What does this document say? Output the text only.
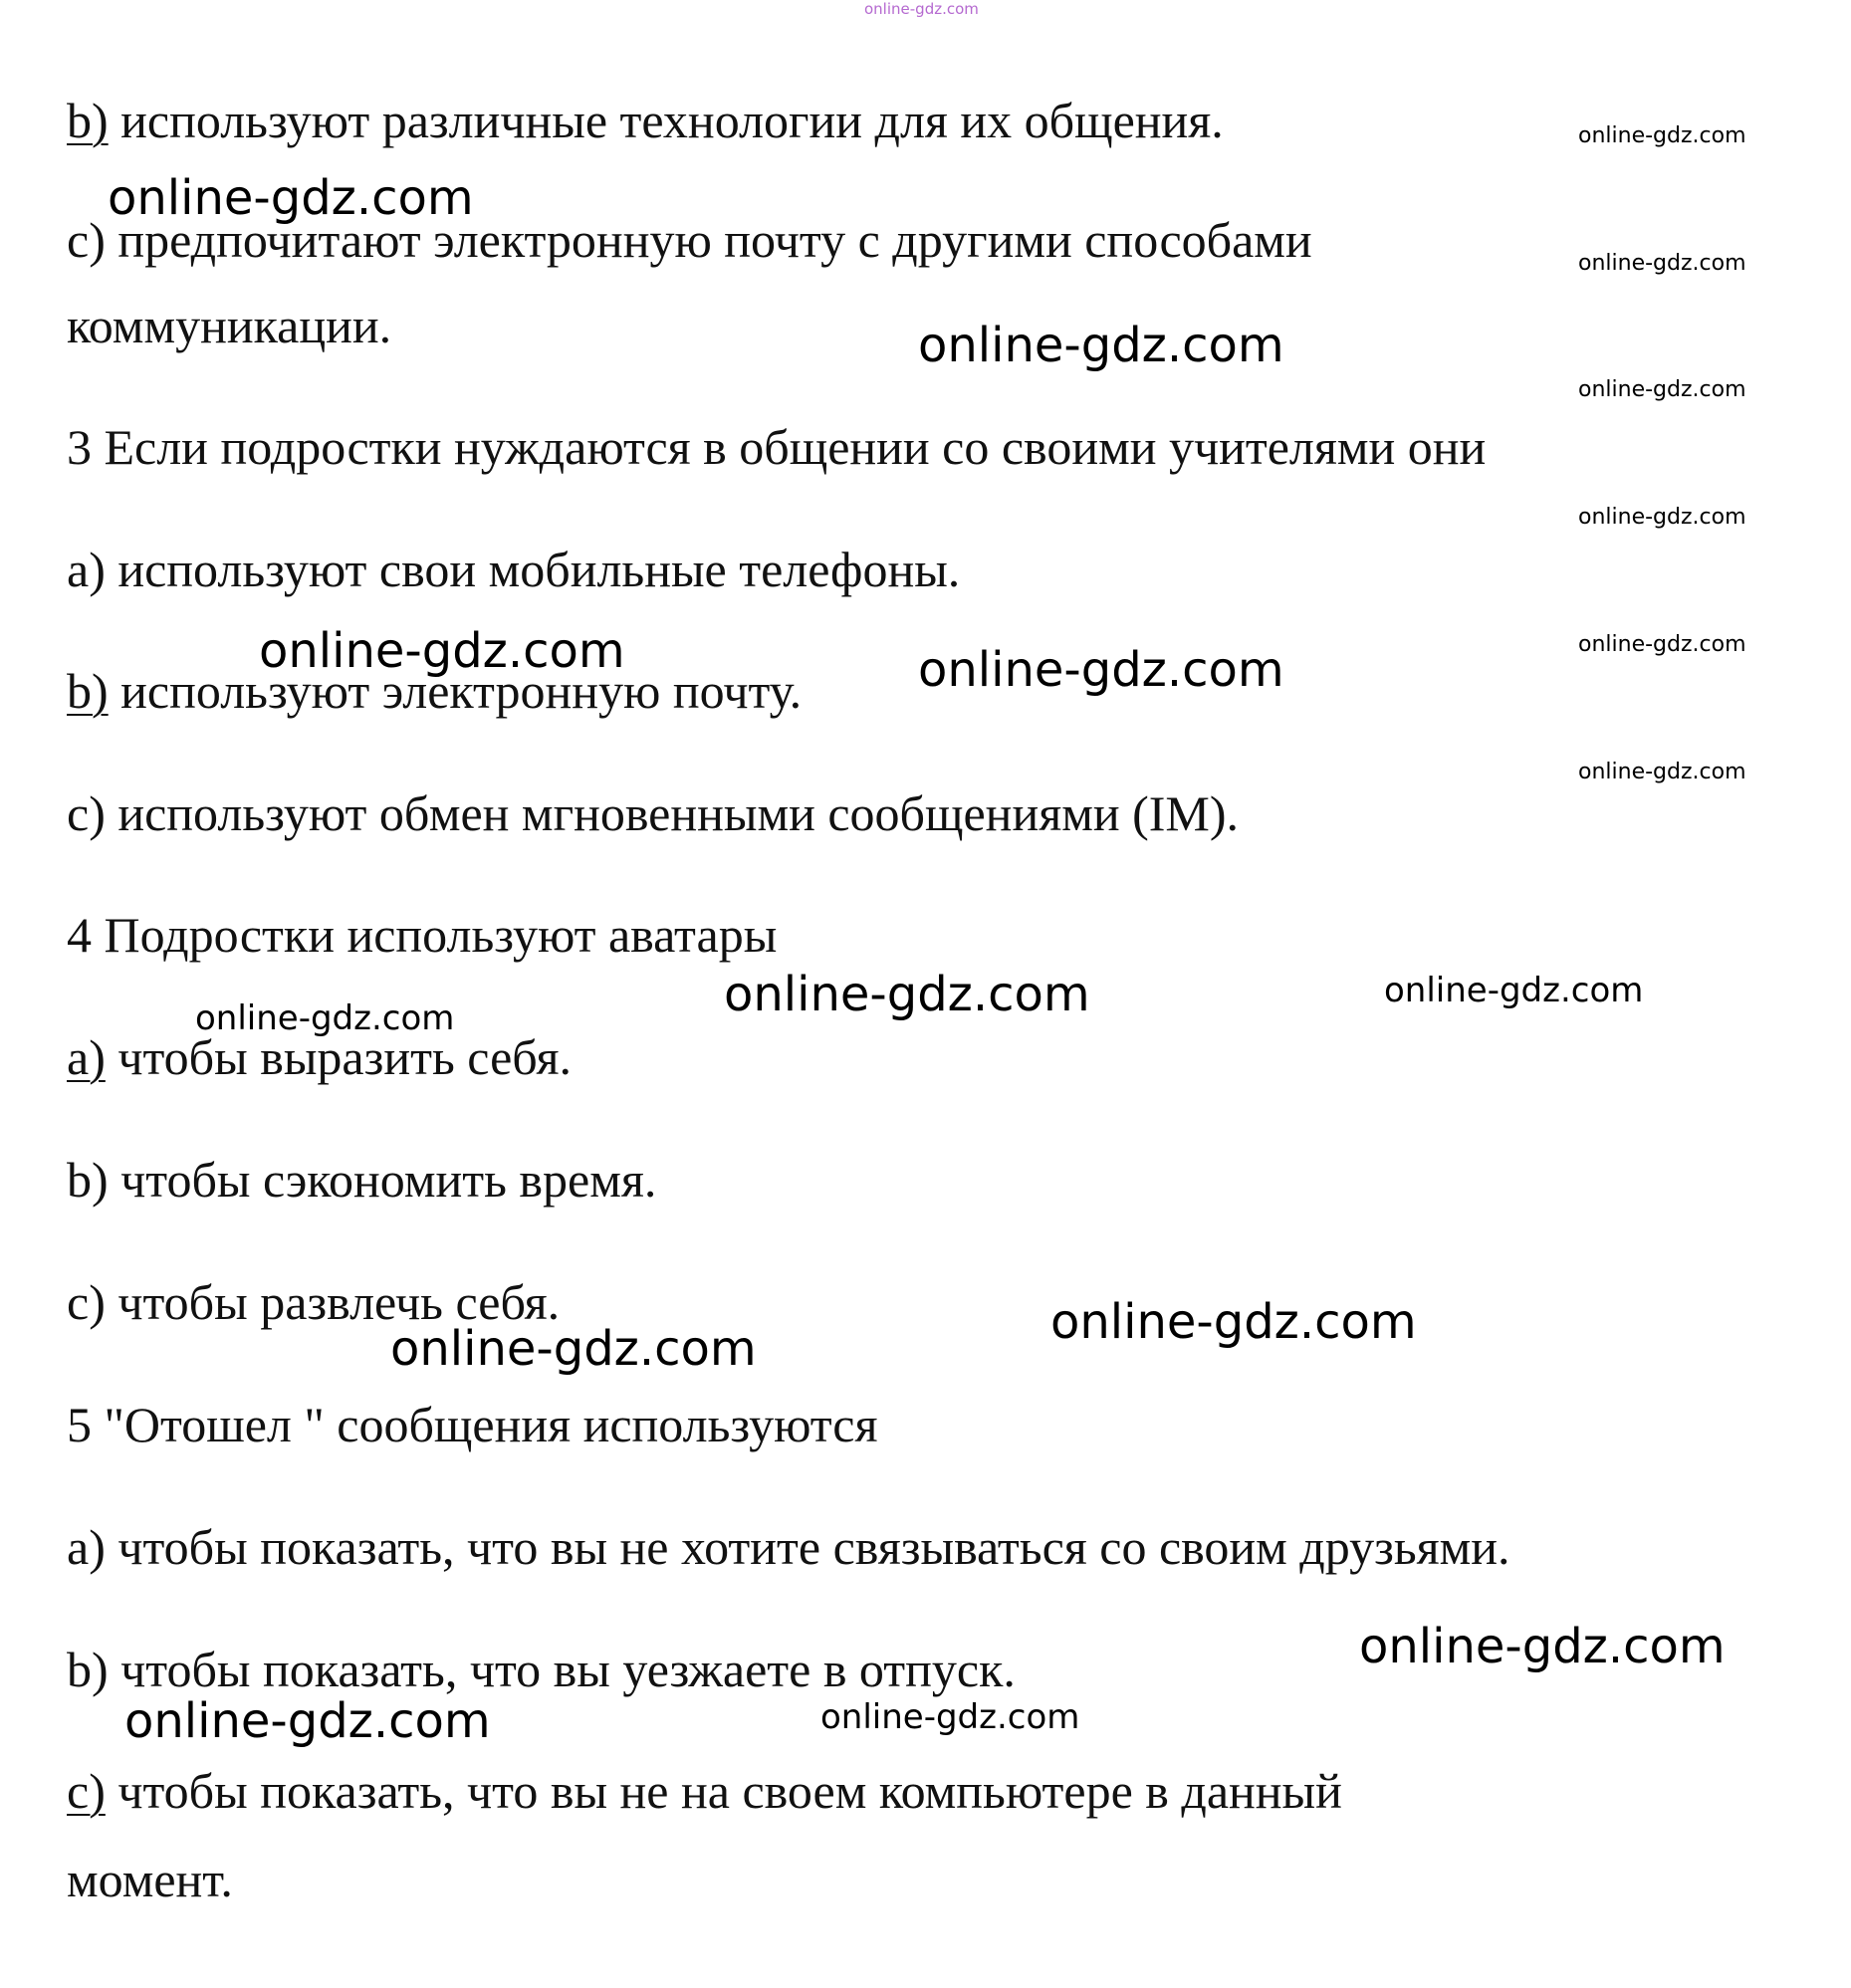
b) используют различные технологии для их общения.

c) предпочитают электронную почту с другими способами

коммуникации.

3 Если подростки нуждаются в общении со своими учителями они

a) используют свои мобильные телефоны.

b) используют электронную почту.

c) используют обмен мгновенными сообщениями (IM).

4 Подростки используют аватары

a) чтобы выразить себя.

b) чтобы сэкономить время.

c) чтобы развлечь себя.

5 "Отошел " сообщения используются

a) чтобы показать, что вы не хотите связываться со своим друзьями.

b) чтобы показать, что вы уезжаете в отпуск.

c) чтобы показать, что вы не на своем компьютере в данный

момент.

online-gdz.com
online-gdz.com
online-gdz.com
online-gdz.com
online-gdz.com
online-gdz.com
online-gdz.com
online-gdz.com
online-gdz.com
online-gdz.com	online-gdz.com
online-gdz.com	online-gdz.com
online-gdz.com
online-gdz.com
online-gdz.com
online-gdz.com
online-gdz.com	online-gdz.com
